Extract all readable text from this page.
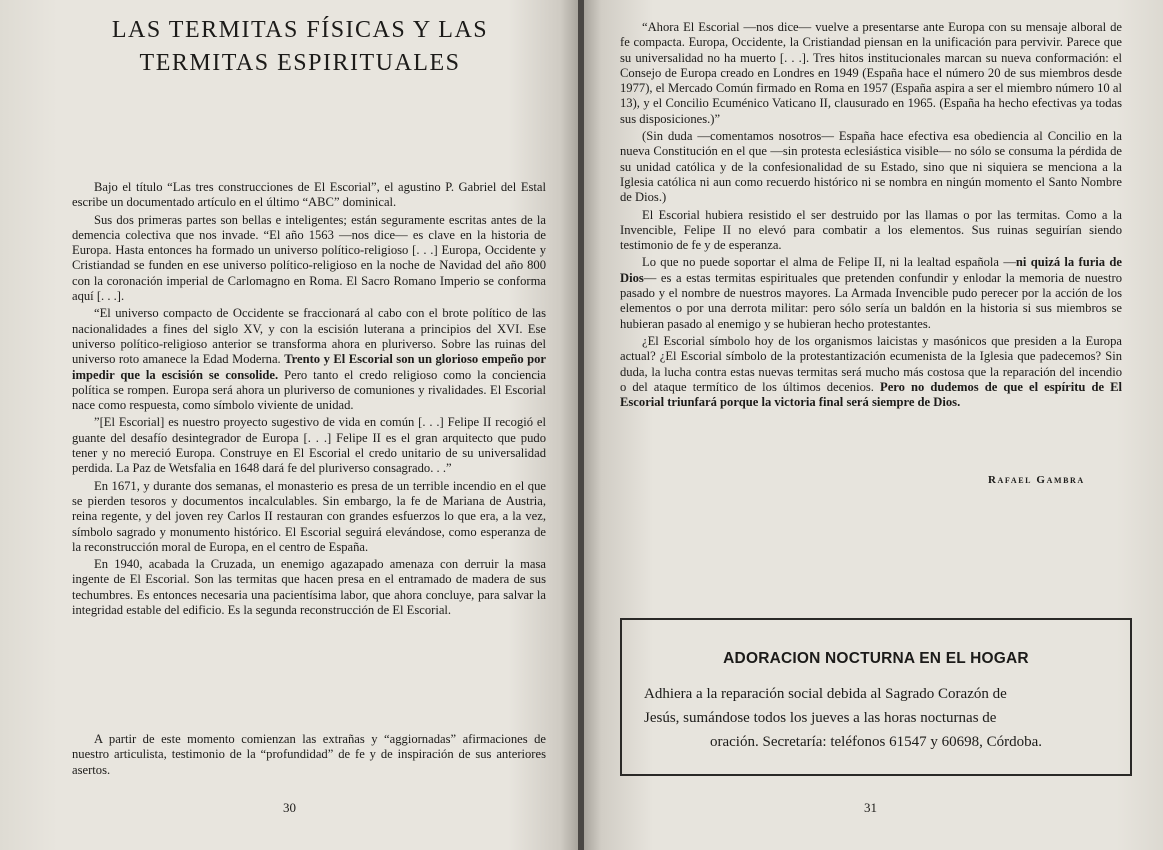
LAS TERMITAS FÍSICAS Y LAS
TERMITAS ESPIRITUALES

Bajo el título “Las tres construcciones de El Escorial”, el agustino P. Gabriel del Estal escribe un documentado artículo en el último “ABC” dominical.

Sus dos primeras partes son bellas e inteligentes; están seguramente escritas antes de la demencia colectiva que nos invade. “El año 1563 —nos dice— es clave en la historia de Europa. Hasta entonces ha formado un universo político-religioso [. . .] Europa, Occidente y Cristiandad se funden en ese universo político-religioso en la noche de Navidad del año 800 con la coronación imperial de Carlomagno en Roma. El Sacro Romano Imperio se conforma aquí [. . .].

“El universo compacto de Occidente se fraccionará al cabo con el brote político de las nacionalidades a fines del siglo XV, y con la escisión luterana a principios del XVI. Ese universo político-religioso anterior se transforma ahora en pluriverso. Sobre las ruinas del universo roto amanece la Edad Moderna. Trento y El Escorial son un glorioso empeño por impedir que la escisión se consolide. Pero tanto el credo religioso como la conciencia política se rompen. Europa será ahora un pluriverso de comuniones y rivalidades. El Escorial nace como respuesta, como símbolo viviente de unidad.

”[El Escorial] es nuestro proyecto sugestivo de vida en común [. . .] Felipe II recogió el guante del desafío desintegrador de Europa [. . .] Felipe II es el gran arquitecto que pudo tener y no mereció Europa. Construye en El Escorial el credo unitario de su universalidad perdida. La Paz de Wetsfalia en 1648 dará fe del pluriverso consagrado. . .”

En 1671, y durante dos semanas, el monasterio es presa de un terrible incendio en el que se pierden tesoros y documentos incalculables. Sin embargo, la fe de Mariana de Austria, reina regente, y del joven rey Carlos II restauran con grandes esfuerzos lo que era, a la vez, símbolo sagrado y monumento histórico. El Escorial seguirá elevándose, como esperanza de la reconstrucción moral de Europa, en el centro de España.

En 1940, acabada la Cruzada, un enemigo agazapado amenaza con derruir la masa ingente de El Escorial. Son las termitas que hacen presa en el entramado de madera de sus techumbres. Es entonces necesaria una pacientísima labor, que ahora concluye, para salvar la integridad estable del edificio. Es la segunda reconstrucción de El Escorial.

A partir de este momento comienzan las extrañas y “aggiornadas” afirmaciones de nuestro articulista, testimonio de la “profundidad” de fe y de inspiración de sus anteriores asertos.

30

“Ahora El Escorial —nos dice— vuelve a presentarse ante Europa con su mensaje alboral de fe compacta. Europa, Occidente, la Cristiandad piensan en la unificación para pervivir. Parece que su universalidad no ha muerto [. . .]. Tres hitos institucionales marcan su nueva conformación: el Consejo de Europa creado en Londres en 1949 (España hace el número 20 de sus miembros desde 1977), el Mercado Común firmado en Roma en 1957 (España aspira a ser el miembro número 10 al 13), y el Concilio Ecuménico Vaticano II, clausurado en 1965. (España ha hecho efectivas ya todas sus disposiciones.)”

(Sin duda —comentamos nosotros— España hace efectiva esa obediencia al Concilio en la nueva Constitución en el que —sin protesta eclesiástica visible— no sólo se consuma la pérdida de su unidad católica y de la confesionalidad de su Estado, sino que ni siquiera se menciona a la Iglesia católica ni aun como recuerdo histórico ni se nombra en ningún momento el Santo Nombre de Dios.)

El Escorial hubiera resistido el ser destruido por las llamas o por las termitas. Como a la Invencible, Felipe II no elevó para combatir a los elementos. Sus ruinas seguirían siendo testimonio de fe y de esperanza.

Lo que no puede soportar el alma de Felipe II, ni la lealtad española —ni quizá la furia de Dios— es a estas termitas espirituales que pretenden confundir y enlodar la memoria de nuestro pasado y el nombre de nuestros mayores. La Armada Invencible pudo perecer por la acción de los elementos o por una derrota militar: pero sólo sería un baldón en la historia si sus miembros se hubieran pasado al enemigo y se hubieran hecho protestantes.

¿El Escorial símbolo hoy de los organismos laicistas y masónicos que presiden a la Europa actual? ¿El Escorial símbolo de la protestantización ecumenista de la Iglesia que padecemos? Sin duda, la lucha contra estas nuevas termitas será mucho más costosa que la reparación del incendio o del ataque termítico de los últimos decenios. Pero no dudemos de que el espíritu de El Escorial triunfará porque la victoria final será siempre de Dios.

Rafael Gambra
ADORACION NOCTURNA EN EL HOGAR
Adhiera a la reparación social debida al Sagrado Corazón de
Jesús, sumándose todos los jueves a las horas nocturnas de
oración. Secretaría: teléfonos 61547 y 60698, Córdoba.
31
